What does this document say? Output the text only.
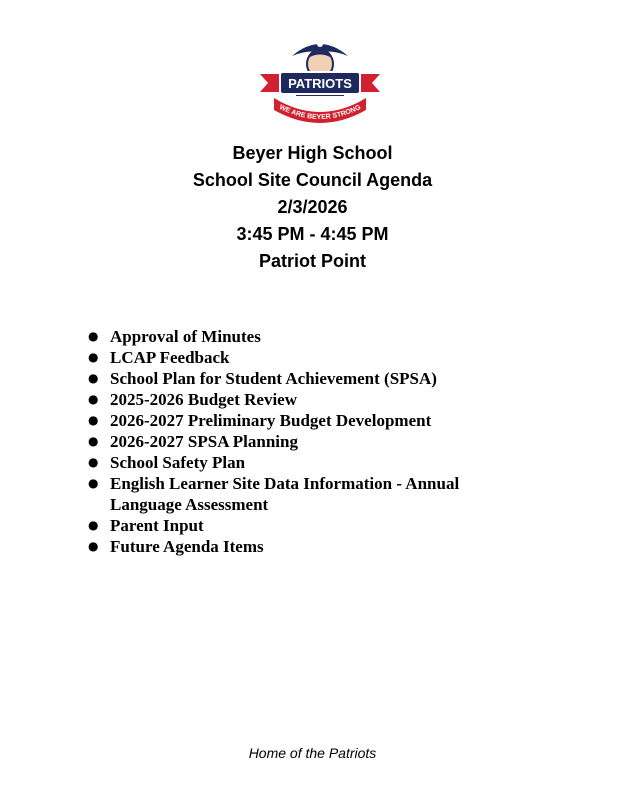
PATRIOTS
WE ARE BEYER STRONG
Beyer High School
School Site Council Agenda
2/3/2026
3:45 PM - 4:45 PM
Patriot Point
● Approval of Minutes
● LCAP Feedback
● School Plan for Student Achievement (SPSA)
● 2025-2026 Budget Review
● 2026-2027 Preliminary Budget Development
● 2026-2027 SPSA Planning
● School Safety Plan
● English Learner Site Data Information - Annual Language Assessment
● Parent Input
● Future Agenda Items
Home of the Patriots
